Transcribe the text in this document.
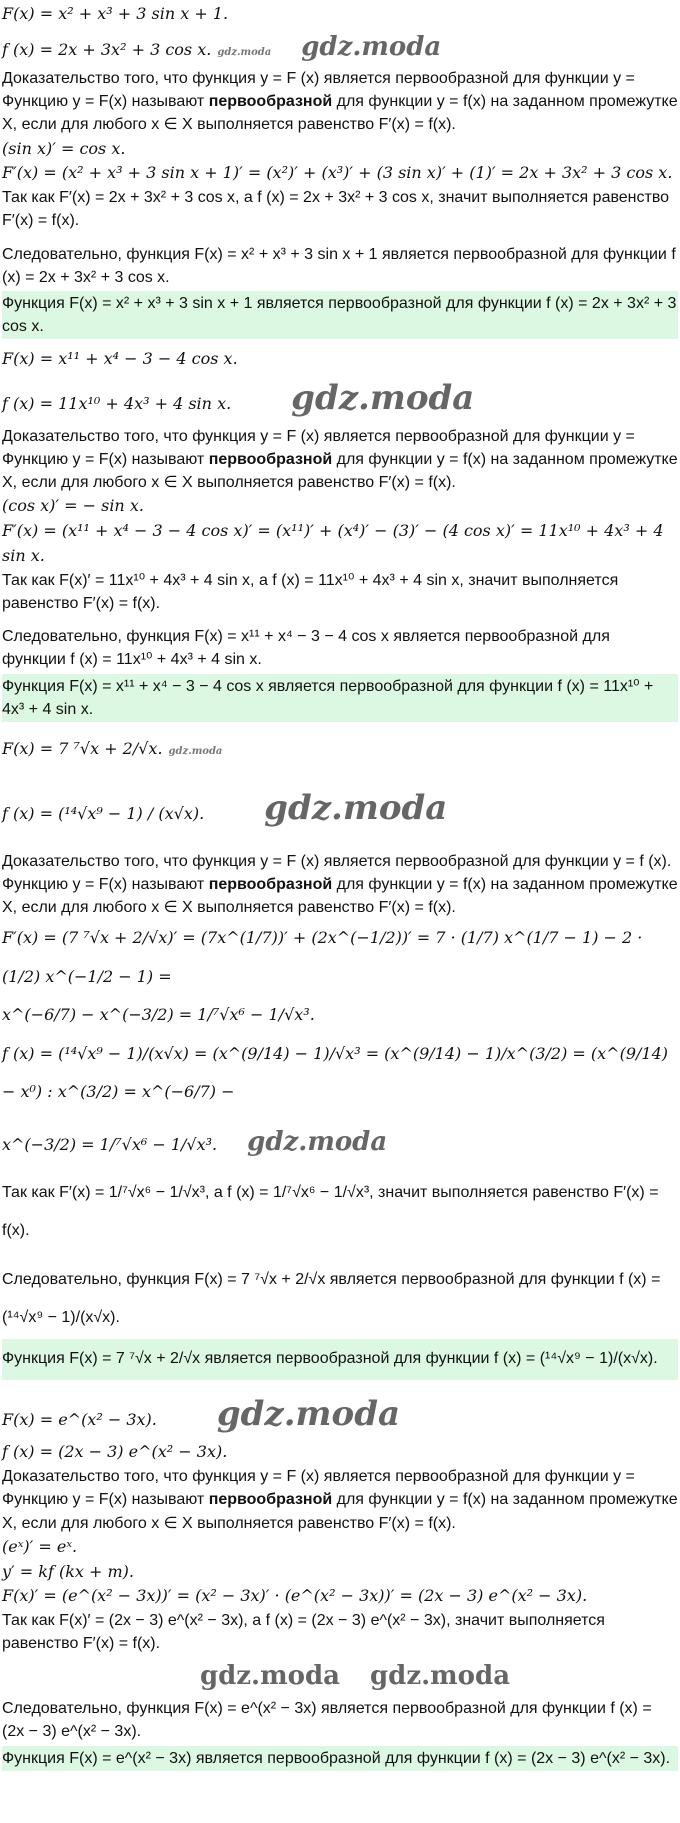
F(x) = x² + x³ + 3 sin x + 1.

f (x) = 2x + 3x² + 3 cos x. gdz.moda gdz.moda

Доказательство того, что функция y = F (x) является первообразной для функции y =

Функцию y = F(x) называют первообразной для функции y = f(x) на заданном промежутке X, если для любого x ∈ X выполняется равенство F′(x) = f(x).

(sin x)′ = cos x.

F′(x) = (x² + x³ + 3 sin x + 1)′ = (x²)′ + (x³)′ + (3 sin x)′ + (1)′ = 2x + 3x² + 3 cos x.

Так как F′(x) = 2x + 3x² + 3 cos x, а f (x) = 2x + 3x² + 3 cos x, значит выполняется равенство F′(x) = f(x).

Следовательно, функция F(x) = x² + x³ + 3 sin x + 1 является первообразной для функции f (x) = 2x + 3x² + 3 cos x.

Функция F(x) = x² + x³ + 3 sin x + 1 является первообразной для функции f (x) = 2x + 3x² + 3 cos x.

F(x) = x¹¹ + x⁴ − 3 − 4 cos x.

f (x) = 11x¹⁰ + 4x³ + 4 sin x. gdz.moda

Доказательство того, что функция y = F (x) является первообразной для функции y =

Функцию y = F(x) называют первообразной для функции y = f(x) на заданном промежутке X, если для любого x ∈ X выполняется равенство F′(x) = f(x).

(cos x)′ = − sin x.

F′(x) = (x¹¹ + x⁴ − 3 − 4 cos x)′ = (x¹¹)′ + (x⁴)′ − (3)′ − (4 cos x)′ = 11x¹⁰ + 4x³ + 4 sin x.

Так как F(x)′ = 11x¹⁰ + 4x³ + 4 sin x, а f (x) = 11x¹⁰ + 4x³ + 4 sin x, значит выполняется равенство F′(x) = f(x).

Следовательно, функция F(x) = x¹¹ + x⁴ − 3 − 4 cos x является первообразной для функции f (x) = 11x¹⁰ + 4x³ + 4 sin x.

Функция F(x) = x¹¹ + x⁴ − 3 − 4 cos x является первообразной для функции f (x) = 11x¹⁰ + 4x³ + 4 sin x.

F(x) = 7 ⁷√x + 2/√x. gdz.moda

f (x) = (¹⁴√x⁹ − 1) / (x√x). gdz.moda

Доказательство того, что функция y = F (x) является первообразной для функции y = f (x).

Функцию y = F(x) называют первообразной для функции y = f(x) на заданном промежутке X, если для любого x ∈ X выполняется равенство F′(x) = f(x).

F′(x) = (7 ⁷√x + 2/√x)′ = (7x^(1/7))′ + (2x^(−1/2))′ = 7 · (1/7) x^(1/7 − 1) − 2 · (1/2) x^(−1/2 − 1) =

x^(−6/7) − x^(−3/2) = 1/⁷√x⁶ − 1/√x³.

f (x) = (¹⁴√x⁹ − 1)/(x√x) = (x^(9/14) − 1)/√x³ = (x^(9/14) − 1)/x^(3/2) = (x^(9/14) − x⁰) : x^(3/2) = x^(−6/7) −

x^(−3/2) = 1/⁷√x⁶ − 1/√x³. gdz.moda

Так как F′(x) = 1/⁷√x⁶ − 1/√x³, а f (x) = 1/⁷√x⁶ − 1/√x³, значит выполняется равенство F′(x) = f(x).

Следовательно, функция F(x) = 7 ⁷√x + 2/√x является первообразной для функции f (x) = (¹⁴√x⁹ − 1)/(x√x).

Функция F(x) = 7 ⁷√x + 2/√x является первообразной для функции f (x) = (¹⁴√x⁹ − 1)/(x√x).

F(x) = e^(x² − 3x). gdz.moda

f (x) = (2x − 3) e^(x² − 3x).

Доказательство того, что функция y = F (x) является первообразной для функции y =

Функцию y = F(x) называют первообразной для функции y = f(x) на заданном промежутке X, если для любого x ∈ X выполняется равенство F′(x) = f(x).

(eˣ)′ = eˣ.

y′ = kf (kx + m).

F(x)′ = (e^(x² − 3x))′ = (x² − 3x)′ · (e^(x² − 3x))′ = (2x − 3) e^(x² − 3x).

Так как F(x)′ = (2x − 3) e^(x² − 3x), а f (x) = (2x − 3) e^(x² − 3x), значит выполняется равенство F′(x) = f(x).

gdz.moda gdz.moda

Следовательно, функция F(x) = e^(x² − 3x) является первообразной для функции f (x) = (2x − 3) e^(x² − 3x).

Функция F(x) = e^(x² − 3x) является первообразной для функции f (x) = (2x − 3) e^(x² − 3x).
